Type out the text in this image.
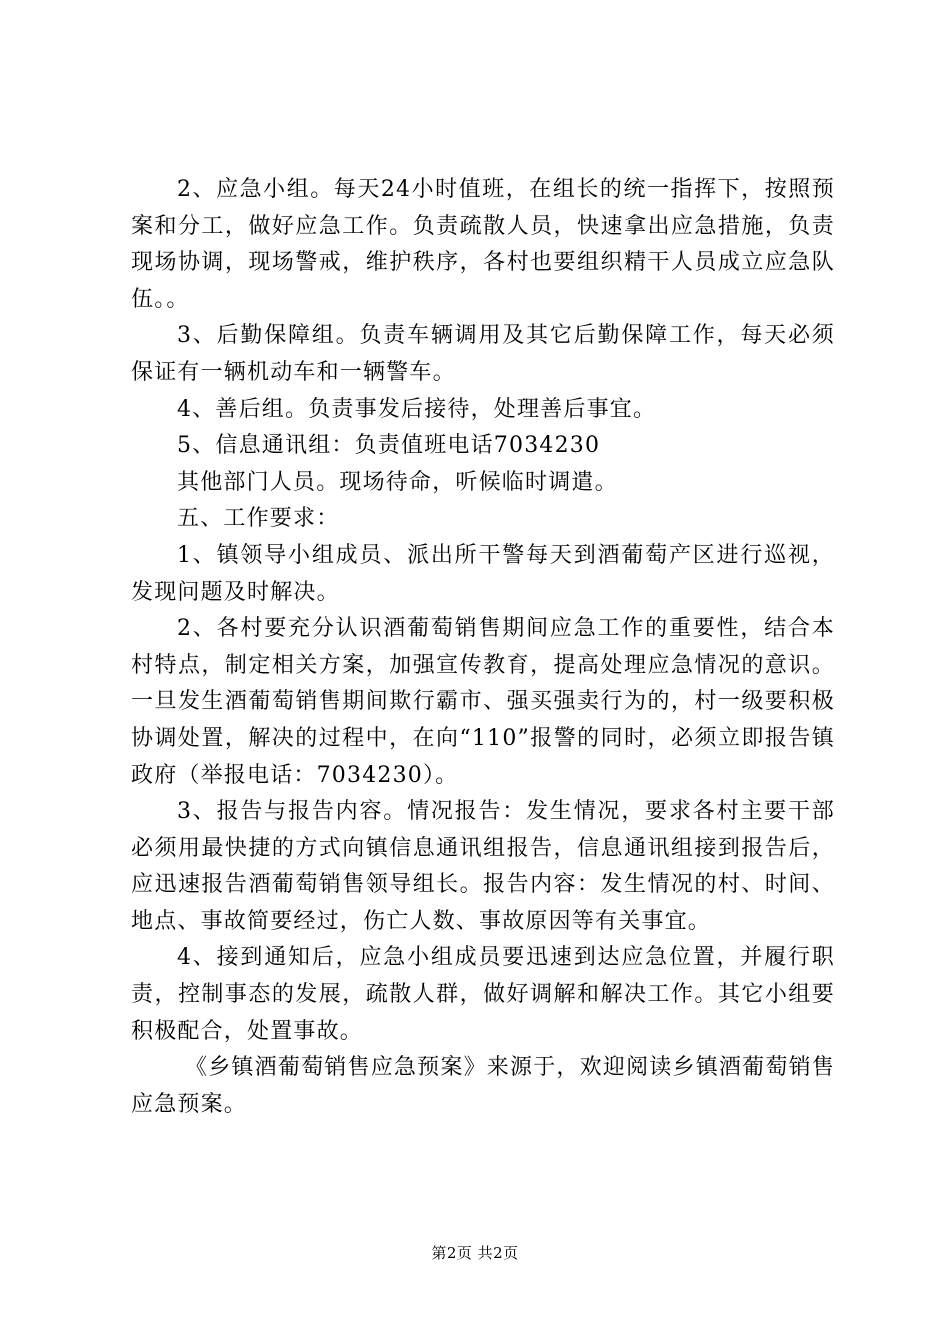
2、应急小组。每天24小时值班，在组长的统一指挥下，按照预案和分工，做好应急工作。负责疏散人员，快速拿出应急措施，负责现场协调，现场警戒，维护秩序，各村也要组织精干人员成立应急队伍。。

3、后勤保障组。负责车辆调用及其它后勤保障工作，每天必须保证有一辆机动车和一辆警车。

4、善后组。负责事发后接待，处理善后事宜。

5、信息通讯组：负责值班电话7034230

其他部门人员。现场待命，听候临时调遣。

五、工作要求：

1、镇领导小组成员、派出所干警每天到酒葡萄产区进行巡视，发现问题及时解决。

2、各村要充分认识酒葡萄销售期间应急工作的重要性，结合本村特点，制定相关方案，加强宣传教育，提高处理应急情况的意识。一旦发生酒葡萄销售期间欺行霸市、强买强卖行为的，村一级要积极协调处置，解决的过程中，在向“110”报警的同时，必须立即报告镇政府（举报电话：7034230）。

3、报告与报告内容。情况报告：发生情况，要求各村主要干部必须用最快捷的方式向镇信息通讯组报告，信息通讯组接到报告后，应迅速报告酒葡萄销售领导组长。报告内容：发生情况的村、时间、地点、事故简要经过，伤亡人数、事故原因等有关事宜。

4、接到通知后，应急小组成员要迅速到达应急位置，并履行职责，控制事态的发展，疏散人群，做好调解和解决工作。其它小组要积极配合，处置事故。

《乡镇酒葡萄销售应急预案》来源于，欢迎阅读乡镇酒葡萄销售应急预案。

第2页 共2页
